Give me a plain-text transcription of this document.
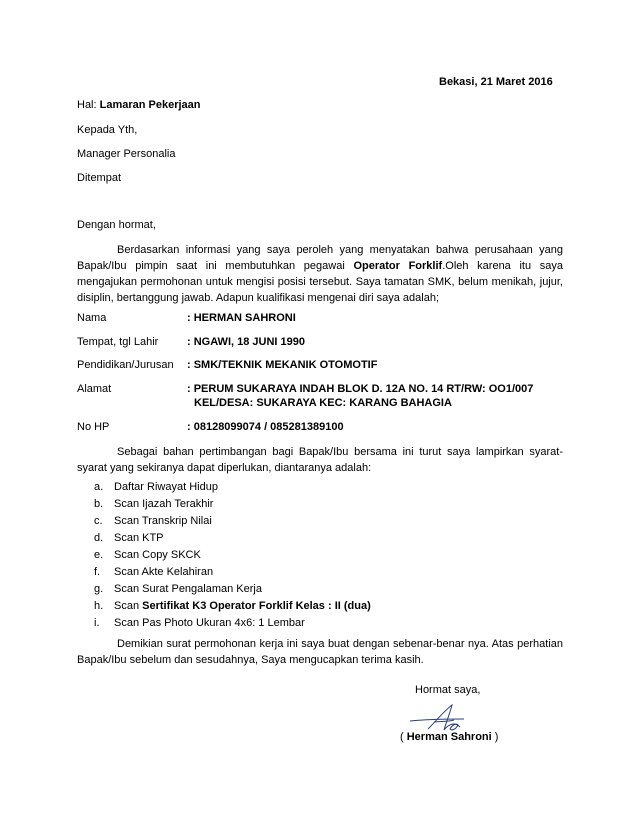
Bekasi, 21 Maret 2016
Hal: Lamaran Pekerjaan
Kepada Yth,
Manager Personalia
Ditempat
Dengan hormat,
Berdasarkan informasi yang saya peroleh yang menyatakan bahwa perusahaan yang Bapak/Ibu pimpin saat ini membutuhkan pegawai Operator Forklif.Oleh karena itu saya mengajukan permohonan untuk mengisi posisi tersebut. Saya tamatan SMK, belum menikah, jujur, disiplin, bertanggung jawab. Adapun kualifikasi mengenai diri saya adalah;
Nama	: HERMAN SAHRONI
Tempat, tgl Lahir	: NGAWI, 18 JUNI 1990
Pendidikan/Jurusan : SMK/TEKNIK MEKANIK OTOMOTIF
Alamat	: PERUM SUKARAYA INDAH BLOK D. 12A NO. 14 RT/RW: OO1/007
KEL/DESA: SUKARAYA KEC: KARANG BAHAGIA
No HP	: 08128099074 / 085281389100
Sebagai bahan pertimbangan bagi Bapak/Ibu bersama ini turut saya lampirkan syarat-syarat yang sekiranya dapat diperlukan, diantaranya adalah:
a. Daftar Riwayat Hidup
b. Scan Ijazah Terakhir
c. Scan Transkrip Nilai
d. Scan KTP
e. Scan Copy SKCK
f. Scan Akte Kelahiran
g. Scan Surat Pengalaman Kerja
h. Scan Sertifikat K3 Operator Forklif Kelas : II (dua)
i. Scan Pas Photo Ukuran 4x6: 1 Lembar
Demikian surat permohonan kerja ini saya buat dengan sebenar-benar nya. Atas perhatian Bapak/Ibu sebelum dan sesudahnya, Saya mengucapkan terima kasih.
Hormat saya,
( Herman Sahroni )
